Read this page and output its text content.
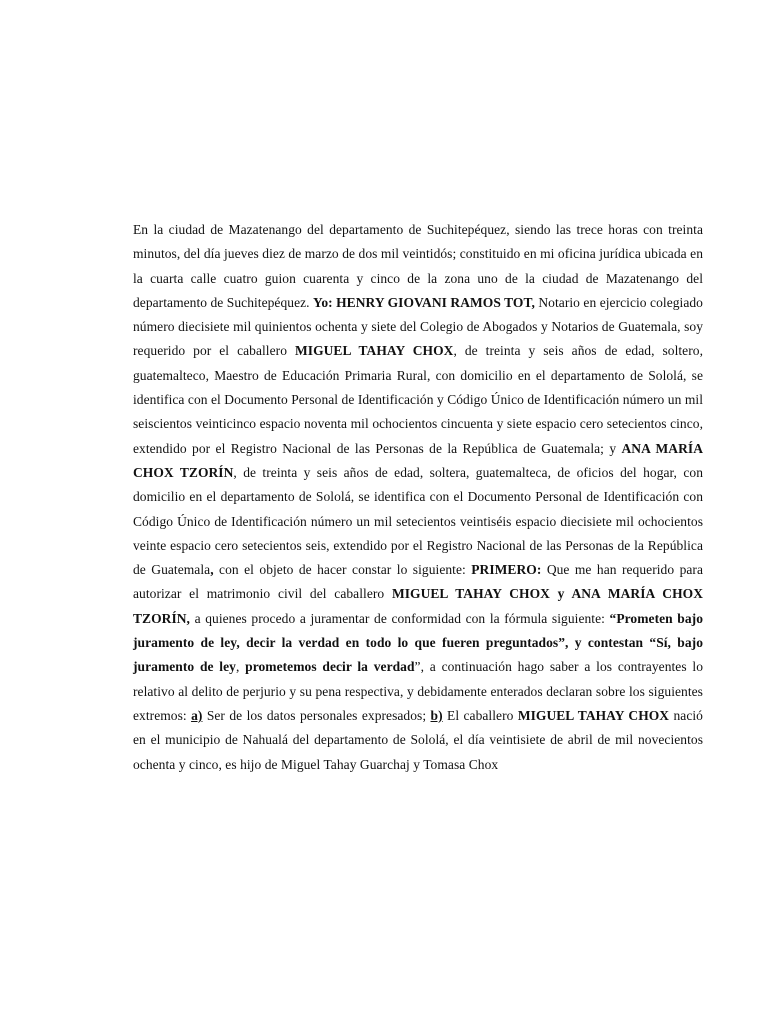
En la ciudad de Mazatenango del departamento de Suchitepéquez, siendo las trece horas con treinta minutos, del día jueves diez de marzo de dos mil veintidós; constituido en mi oficina jurídica ubicada en la cuarta calle cuatro guion cuarenta y cinco de la zona uno de la ciudad de Mazatenango del departamento de Suchitepéquez. Yo: HENRY GIOVANI RAMOS TOT, Notario en ejercicio colegiado número diecisiete mil quinientos ochenta y siete del Colegio de Abogados y Notarios de Guatemala, soy requerido por el caballero MIGUEL TAHAY CHOX, de treinta y seis años de edad, soltero, guatemalteco, Maestro de Educación Primaria Rural, con domicilio en el departamento de Sololá, se identifica con el Documento Personal de Identificación y Código Único de Identificación número un mil seiscientos veinticinco espacio noventa mil ochocientos cincuenta y siete espacio cero setecientos cinco, extendido por el Registro Nacional de las Personas de la República de Guatemala; y ANA MARÍA CHOX TZORÍN, de treinta y seis años de edad, soltera, guatemalteca, de oficios del hogar, con domicilio en el departamento de Sololá, se identifica con el Documento Personal de Identificación con Código Único de Identificación número un mil setecientos veintiséis espacio diecisiete mil ochocientos veinte espacio cero setecientos seis, extendido por el Registro Nacional de las Personas de la República de Guatemala, con el objeto de hacer constar lo siguiente: PRIMERO: Que me han requerido para autorizar el matrimonio civil del caballero MIGUEL TAHAY CHOX y ANA MARÍA CHOX TZORÍN, a quienes procedo a juramentar de conformidad con la fórmula siguiente: “Prometen bajo juramento de ley, decir la verdad en todo lo que fueren preguntados”, y contestan “Sí, bajo juramento de ley, prometemos decir la verdad”, a continuación hago saber a los contrayentes lo relativo al delito de perjurio y su pena respectiva, y debidamente enterados declaran sobre los siguientes extremos: a) Ser de los datos personales expresados; b) El caballero MIGUEL TAHAY CHOX nació en el municipio de Nahualá del departamento de Sololá, el día veintisiete de abril de mil novecientos ochenta y cinco, es hijo de Miguel Tahay Guarchaj y Tomasa Chox
